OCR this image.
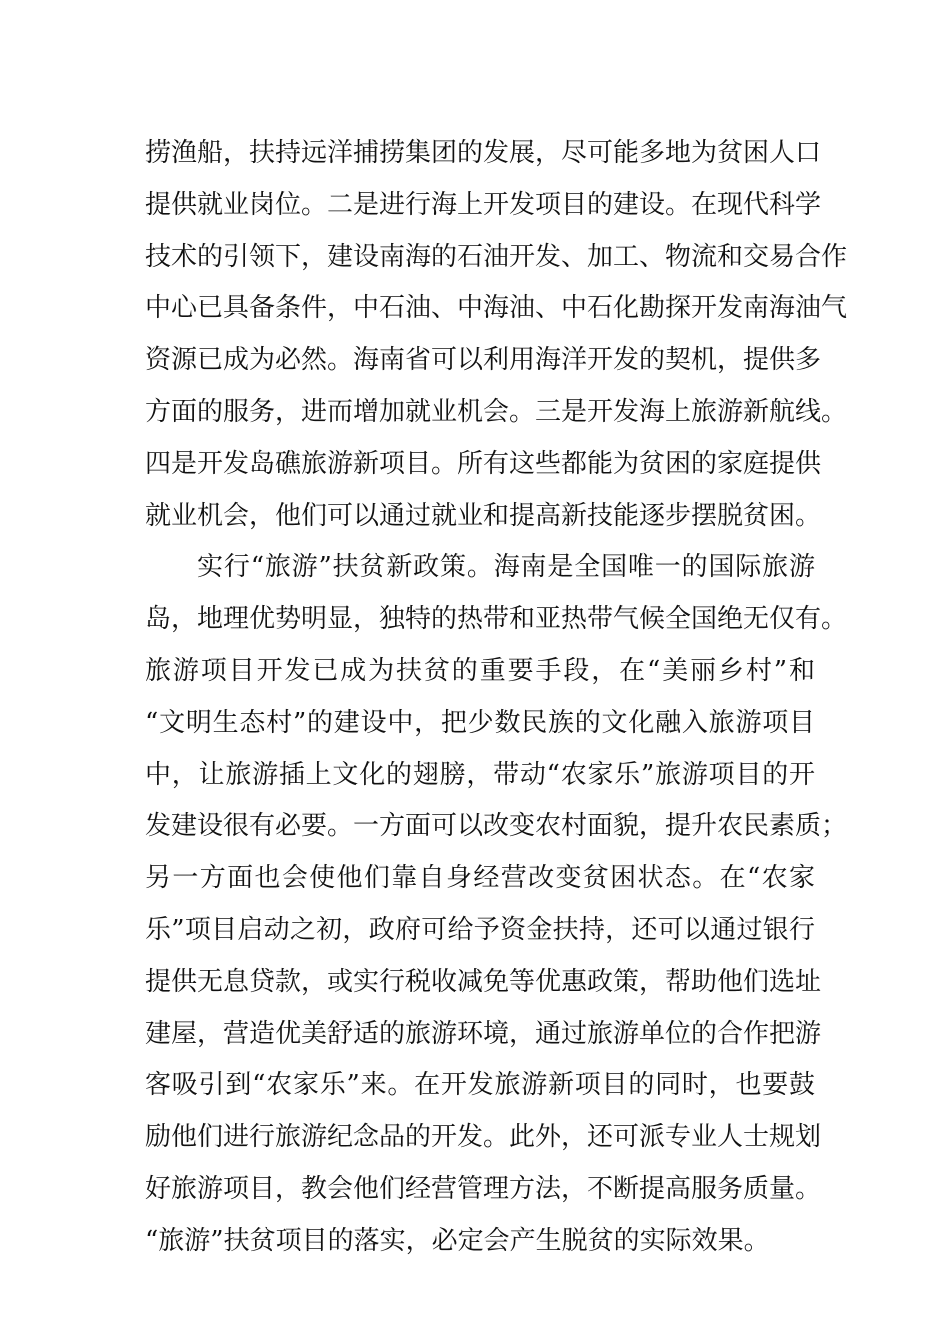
捞渔船，扶持远洋捕捞集团的发展，尽可能多地为贫困人口
提供就业岗位。二是进行海上开发项目的建设。在现代科学
技术的引领下，建设南海的石油开发、加工、物流和交易合作
中心已具备条件，中石油、中海油、中石化勘探开发南海油气
资源已成为必然。海南省可以利用海洋开发的契机，提供多
方面的服务，进而增加就业机会。三是开发海上旅游新航线。
四是开发岛礁旅游新项目。所有这些都能为贫困的家庭提供
就业机会，他们可以通过就业和提高新技能逐步摆脱贫困。
实行“旅游”扶贫新政策。海南是全国唯一的国际旅游
岛，地理优势明显，独特的热带和亚热带气候全国绝无仅有。
旅游项目开发已成为扶贫的重要手段，在“美丽乡村”和
“文明生态村”的建设中，把少数民族的文化融入旅游项目
中，让旅游插上文化的翅膀，带动“农家乐”旅游项目的开
发建设很有必要。一方面可以改变农村面貌，提升农民素质；
另一方面也会使他们靠自身经营改变贫困状态。在“农家
乐”项目启动之初，政府可给予资金扶持，还可以通过银行
提供无息贷款，或实行税收减免等优惠政策，帮助他们选址
建屋，营造优美舒适的旅游环境，通过旅游单位的合作把游
客吸引到“农家乐”来。在开发旅游新项目的同时，也要鼓
励他们进行旅游纪念品的开发。此外，还可派专业人士规划
好旅游项目，教会他们经营管理方法，不断提高服务质量。
“旅游”扶贫项目的落实，必定会产生脱贫的实际效果。
